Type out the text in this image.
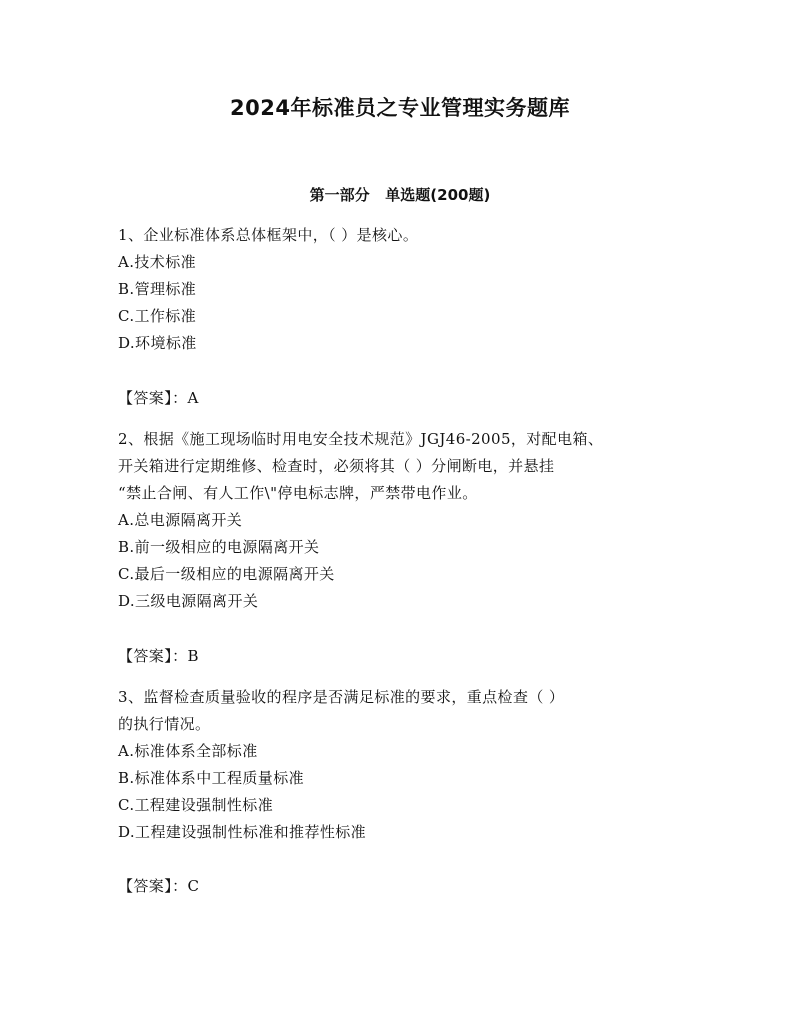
2024年标准员之专业管理实务题库
第一部分   单选题(200题)

1、企业标准体系总体框架中，（ ）是核心。

A.技术标准

B.管理标准

C.工作标准

D.环境标准

【答案】：A

2、根据《施工现场临时用电安全技术规范》JGJ46-2005，对配电箱、

开关箱进行定期维修、检查时，必须将其（ ）分闸断电，并悬挂

“禁止合闸、有人工作\"停电标志牌，严禁带电作业。

A.总电源隔离开关

B.前一级相应的电源隔离开关

C.最后一级相应的电源隔离开关

D.三级电源隔离开关

【答案】：B

3、监督检查质量验收的程序是否满足标准的要求，重点检查（ ）

的执行情况。

A.标准体系全部标准

B.标准体系中工程质量标准

C.工程建设强制性标准

D.工程建设强制性标准和推荐性标准

【答案】：C
